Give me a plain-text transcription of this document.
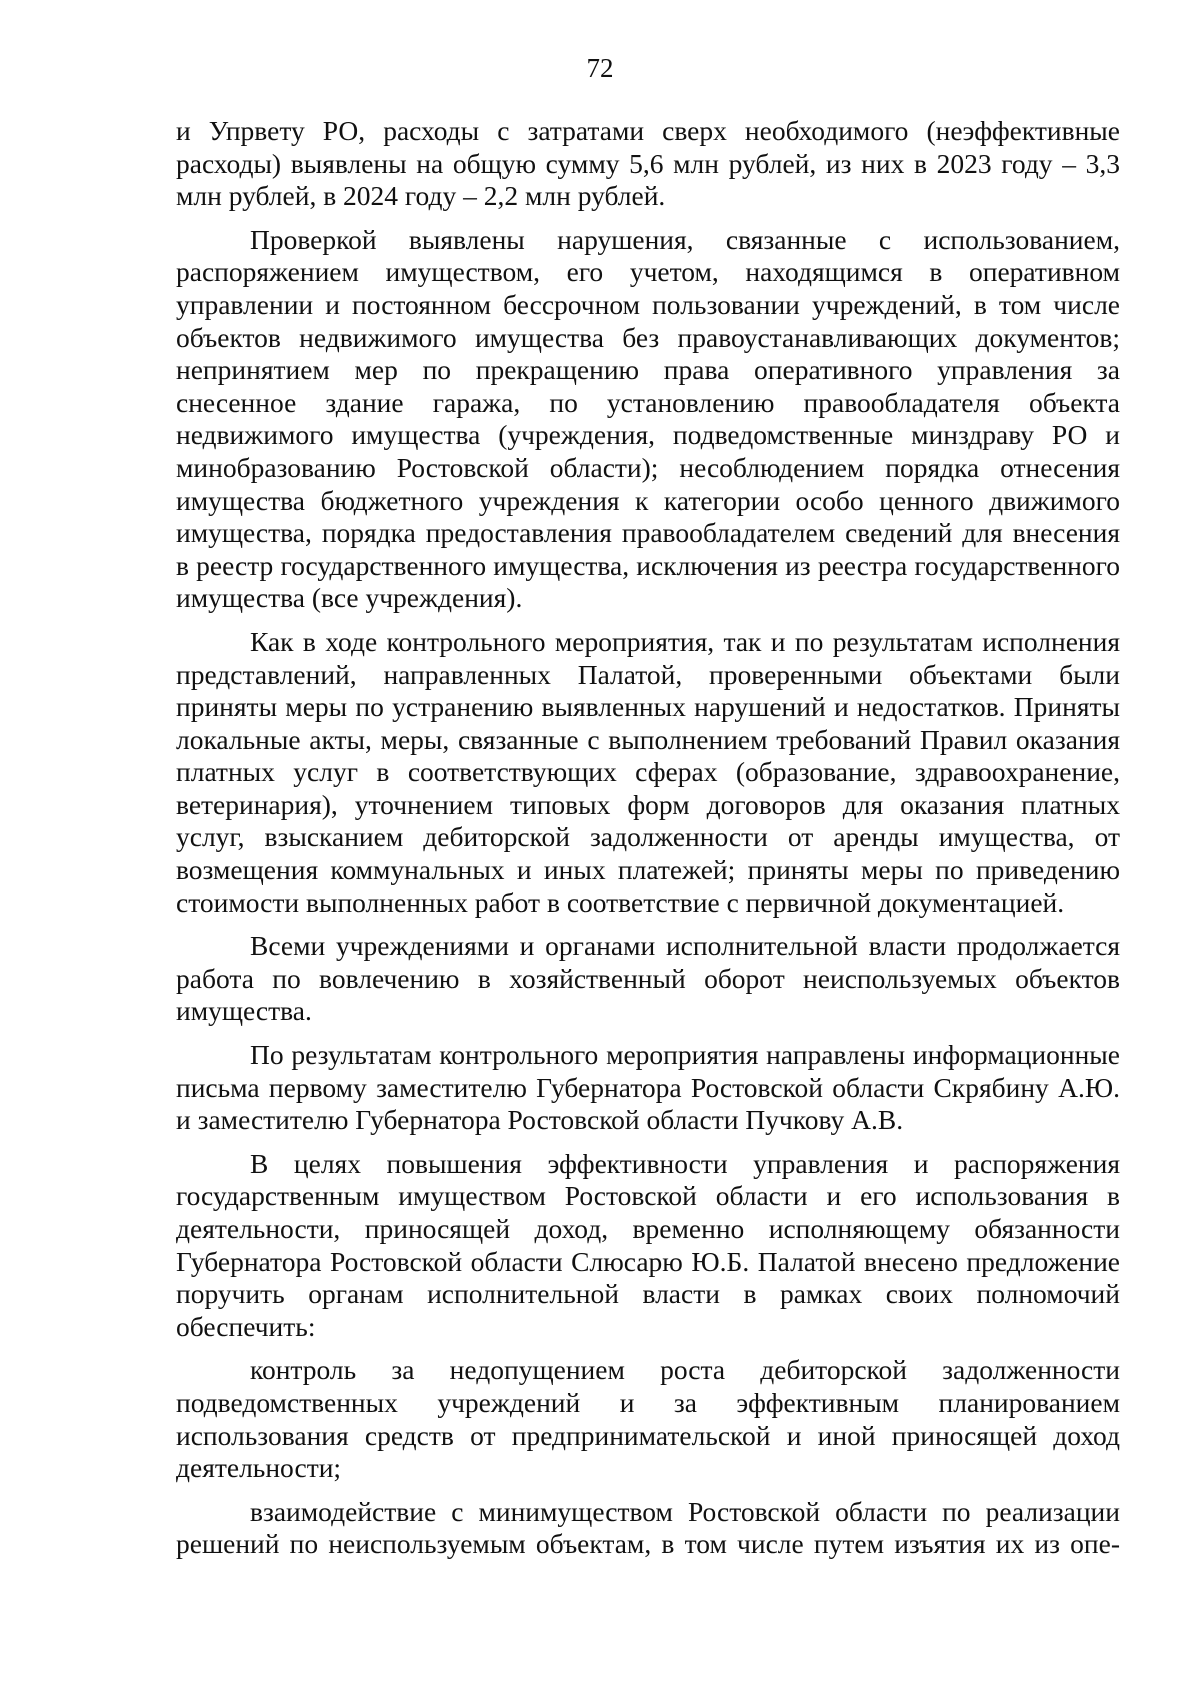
72

и Упрвету РО, расходы с затратами сверх необходимого (неэффективные расходы) выявлены на общую сумму 5,6 млн рублей, из них в 2023 году – 3,3 млн рублей, в 2024 году – 2,2 млн рублей.

Проверкой выявлены нарушения, связанные с использованием, распоряжением имуществом, его учетом, находящимся в оперативном управлении и постоянном бессрочном пользовании учреждений, в том числе объектов недвижимого имущества без правоустанавливающих документов; непринятием мер по прекращению права оперативного управления за снесенное здание гаража, по установлению правообладателя объекта недвижимого имущества (учреждения, подведомственные минздраву РО и минобразованию Ростовской области); несоблюдением порядка отнесения имущества бюджетного учреждения к категории особо ценного движимого имущества, порядка предоставления правообладателем сведений для внесения в реестр государственного имущества, исключения из реестра государственного имущества (все учреждения).

Как в ходе контрольного мероприятия, так и по результатам исполнения представлений, направленных Палатой, проверенными объектами были приняты меры по устранению выявленных нарушений и недостатков. Приняты локальные акты, меры, связанные с выполнением требований Правил оказания платных услуг в соответствующих сферах (образование, здравоохранение, ветеринария), уточнением типовых форм договоров для оказания платных услуг, взысканием дебиторской задолженности от аренды имущества, от возмещения коммунальных и иных платежей; приняты меры по приведению стоимости выполненных работ в соответствие с первичной документацией.

Всеми учреждениями и органами исполнительной власти продолжается работа по вовлечению в хозяйственный оборот неиспользуемых объектов имущества.

По результатам контрольного мероприятия направлены информационные письма первому заместителю Губернатора Ростовской области Скрябину А.Ю. и заместителю Губернатора Ростовской области Пучкову А.В.

В целях повышения эффективности управления и распоряжения государственным имуществом Ростовской области и его использования в деятельности, приносящей доход, временно исполняющему обязанности Губернатора Ростовской области Слюсарю Ю.Б. Палатой внесено предложение поручить органам исполнительной власти в рамках своих полномочий обеспечить:

контроль за недопущением роста дебиторской задолженности подведомственных учреждений и за эффективным планированием использования средств от предпринимательской и иной приносящей доход деятельности;

взаимодействие с минимуществом Ростовской области по реализации решений по неиспользуемым объектам, в том числе путем изъятия их из опе-
